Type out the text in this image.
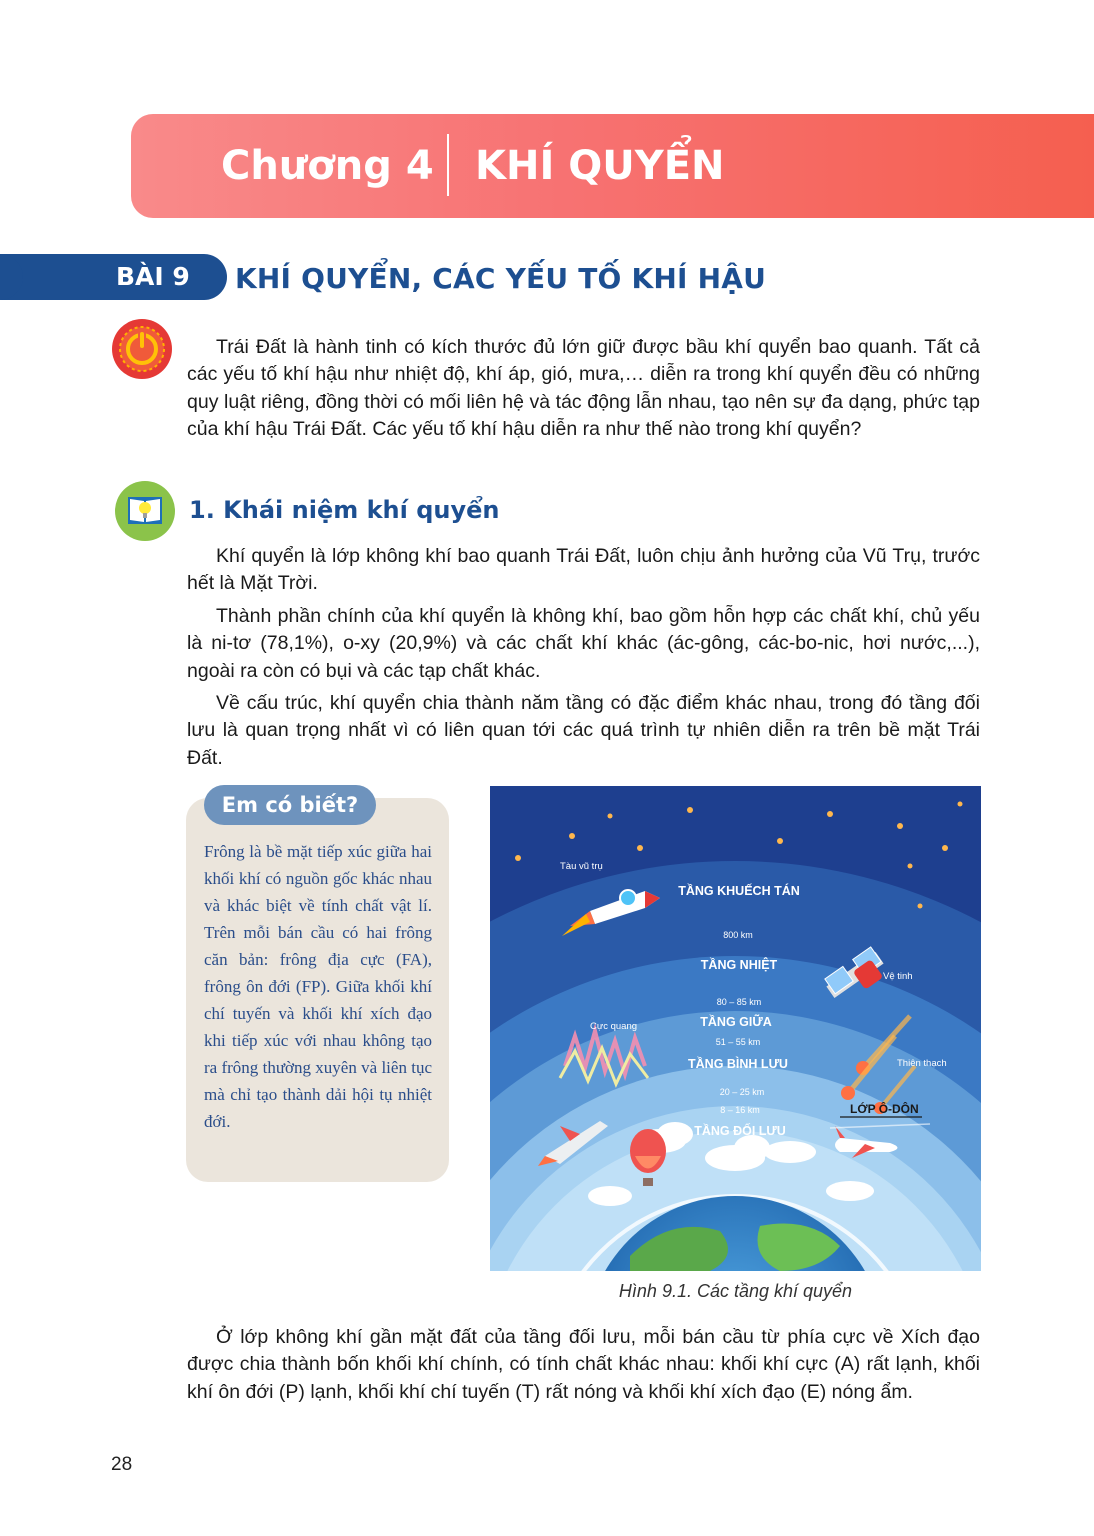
Chương 4 KHÍ QUYỂN
BÀI 9 KHÍ QUYỂN, CÁC YẾU TỐ KHÍ HẬU

Trái Đất là hành tinh có kích thước đủ lớn giữ được bầu khí quyển bao quanh. Tất cả các yếu tố khí hậu như nhiệt độ, khí áp, gió, mưa,… diễn ra trong khí quyển đều có những quy luật riêng, đồng thời có mối liên hệ và tác động lẫn nhau, tạo nên sự đa dạng, phức tạp của khí hậu Trái Đất. Các yếu tố khí hậu diễn ra như thế nào trong khí quyển?

1. Khái niệm khí quyển

Khí quyển là lớp không khí bao quanh Trái Đất, luôn chịu ảnh hưởng của Vũ Trụ, trước hết là Mặt Trời.

Thành phần chính của khí quyển là không khí, bao gồm hỗn hợp các chất khí, chủ yếu là ni-tơ (78,1%), o-xy (20,9%) và các chất khí khác (ác-gông, các-bo-nic, hơi nước,...), ngoài ra còn có bụi và các tạp chất khác.

Về cấu trúc, khí quyển chia thành năm tầng có đặc điểm khác nhau, trong đó tầng đối lưu là quan trọng nhất vì có liên quan tới các quá trình tự nhiên diễn ra trên bề mặt Trái Đất.

Em có biết?

Frông là bề mặt tiếp xúc giữa hai khối khí có nguồn gốc khác nhau và khác biệt về tính chất vật lí. Trên mỗi bán cầu có hai frông căn bản: frông địa cực (FA), frông ôn đới (FP). Giữa khối khí chí tuyến và khối khí xích đạo khi tiếp xúc với nhau không tạo ra frông thường xuyên và liên tục mà chỉ tạo thành dải hội tụ nhiệt đới.

TẦNG KHUẾCH TÁN
800 km
TẦNG NHIỆT
80 – 85 km
TẦNG GIỮA
51 – 55 km
TẦNG BÌNH LƯU
20 – 25 km
8 – 16 km
TẦNG ĐỐI LƯU
LỚP Ô-DÔN
Tàu vũ trụ
Vệ tinh
Cực quang
Thiên thạch
Hình 9.1. Các tầng khí quyển

Ở lớp không khí gần mặt đất của tầng đối lưu, mỗi bán cầu từ phía cực về Xích đạo được chia thành bốn khối khí chính, có tính chất khác nhau: khối khí cực (A) rất lạnh, khối khí ôn đới (P) lạnh, khối khí chí tuyến (T) rất nóng và khối khí xích đạo (E) nóng ẩm.

28
